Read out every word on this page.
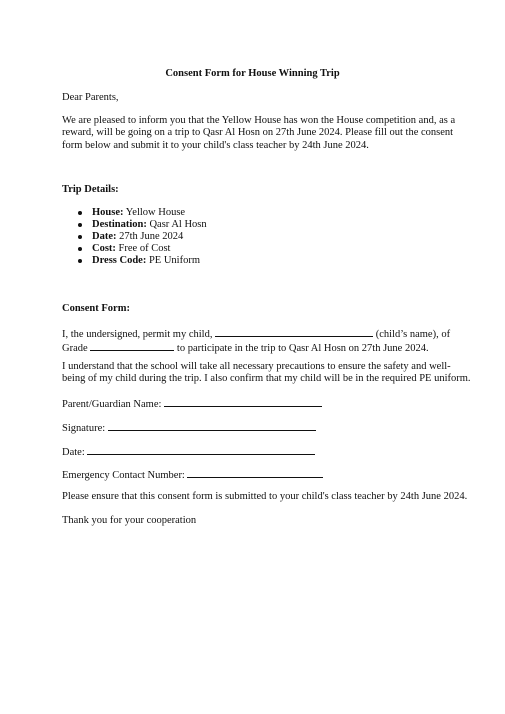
Consent Form for House Winning Trip
Dear Parents,
We are pleased to inform you that the Yellow House has won the House competition and, as a reward, will be going on a trip to Qasr Al Hosn on 27th June 2024. Please fill out the consent form below and submit it to your child's class teacher by 24th June 2024.
Trip Details:
House: Yellow House
Destination: Qasr Al Hosn
Date: 27th June 2024
Cost: Free of Cost
Dress Code: PE Uniform
Consent Form:
I, the undersigned, permit my child,	(child’s name), of Grade	to participate in the trip to Qasr Al Hosn on 27th June 2024.
I understand that the school will take all necessary precautions to ensure the safety and well-being of my child during the trip. I also confirm that my child will be in the required PE uniform.
Parent/Guardian Name:
Signature:
Date:
Emergency Contact Number:
Please ensure that this consent form is submitted to your child's class teacher by 24th June 2024.
Thank you for your cooperation
